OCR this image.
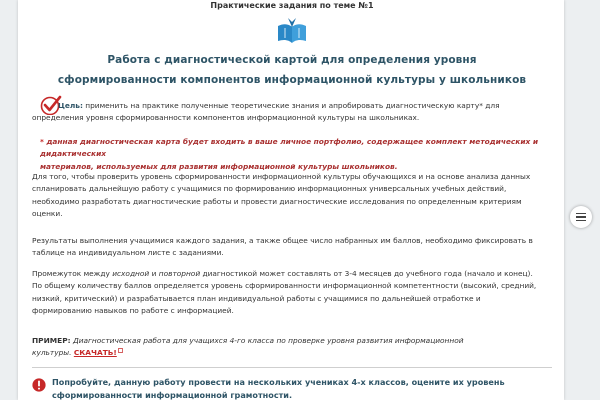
Практические задания по теме №1
Работа с диагностической картой для определения уровня
сформированности компонентов информационной культуры у школьников
Цель: применить на практике полученные теоретические знания и апробировать диагностическую карту* для
определения уровня сформированности компонентов информационной культуры на школьниках.
* данная диагностическая карта будет входить в ваше личное портфолио, содержащее комплект методических и дидактических
материалов, используемых для развития информационной культуры школьников.
Для того, чтобы проверить уровень сформированности информационной культуры обучающихся и на основе анализа данных
спланировать дальнейшую работу с учащимися по формированию информационных универсальных учебных действий,
необходимо разработать диагностические работы и провести диагностические исследования по определенным критериям
оценки.
Результаты выполнения учащимися каждого задания, а также общее число набранных им баллов, необходимо фиксировать в
таблице на индивидуальном листе с заданиями.
Промежуток между исходной и повторной диагностикой может составлять от 3-4 месяцев до учебного года (начало и конец).
По общему количеству баллов определяется уровень сформированности информационной компетентности (высокий, средний,
низкий, критический) и разрабатывается план индивидуальной работы с учащимися по дальнейшей отработке и
формированию навыков по работе с информацией.
ПРИМЕР: Диагностическая работа для учащихся 4-го класса по проверке уровня развития информационной
культуры. СКАЧАТЬ!
Попробуйте, данную работу провести на нескольких учениках 4-х классов, оцените их уровень
сформированности информационной грамотности.
